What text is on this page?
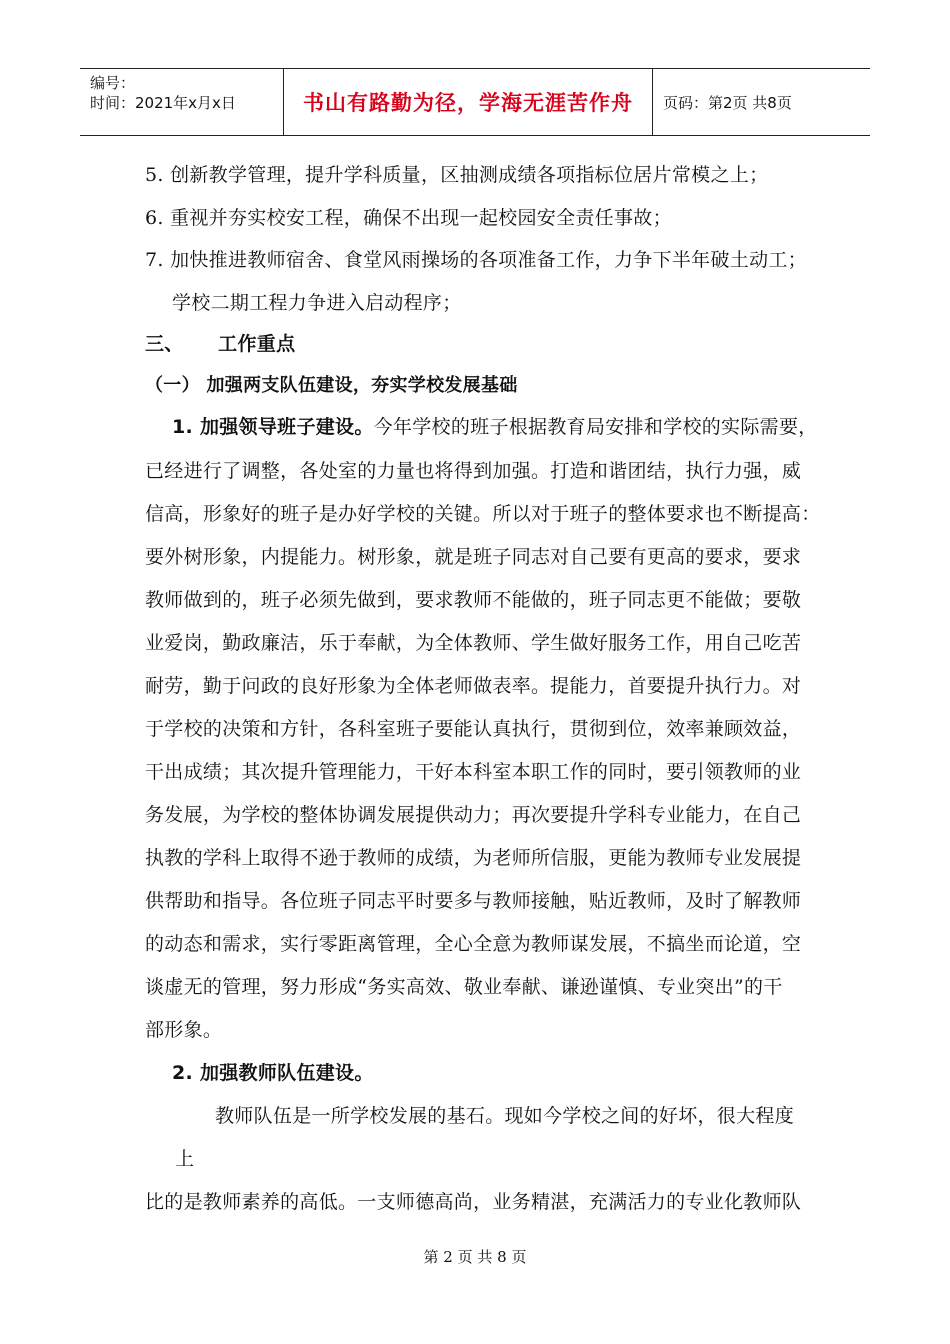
编号：
时间：2021年x月x日	书山有路勤为径，学海无涯苦作舟	页码：第2页 共8页
5. 创新教学管理，提升学科质量，区抽测成绩各项指标位居片常模之上；
6. 重视并夯实校安工程，确保不出现一起校园安全责任事故；
7. 加快推进教师宿舍、食堂风雨操场的各项准备工作，力争下半年破土动工；
学校二期工程力争进入启动程序；
三、     工作重点
（一） 加强两支队伍建设，夯实学校发展基础
1. 加强领导班子建设。今年学校的班子根据教育局安排和学校的实际需要，
已经进行了调整，各处室的力量也将得到加强。打造和谐团结，执行力强，威
信高，形象好的班子是办好学校的关键。所以对于班子的整体要求也不断提高：
要外树形象，内提能力。树形象，就是班子同志对自己要有更高的要求，要求
教师做到的，班子必须先做到，要求教师不能做的，班子同志更不能做；要敬
业爱岗，勤政廉洁，乐于奉献，为全体教师、学生做好服务工作，用自己吃苦
耐劳，勤于问政的良好形象为全体老师做表率。提能力，首要提升执行力。对
于学校的决策和方针，各科室班子要能认真执行，贯彻到位，效率兼顾效益，
干出成绩；其次提升管理能力，干好本科室本职工作的同时，要引领教师的业
务发展，为学校的整体协调发展提供动力；再次要提升学科专业能力，在自己
执教的学科上取得不逊于教师的成绩，为老师所信服，更能为教师专业发展提
供帮助和指导。各位班子同志平时要多与教师接触，贴近教师，及时了解教师
的动态和需求，实行零距离管理，全心全意为教师谋发展，不搞坐而论道，空
谈虚无的管理，努力形成“务实高效、敬业奉献、谦逊谨慎、专业突出”的干
部形象。
2. 加强教师队伍建设。
教师队伍是一所学校发展的基石。现如今学校之间的好坏，很大程度
上
比的是教师素养的高低。一支师德高尚，业务精湛，充满活力的专业化教师队
第 2 页 共 8 页
